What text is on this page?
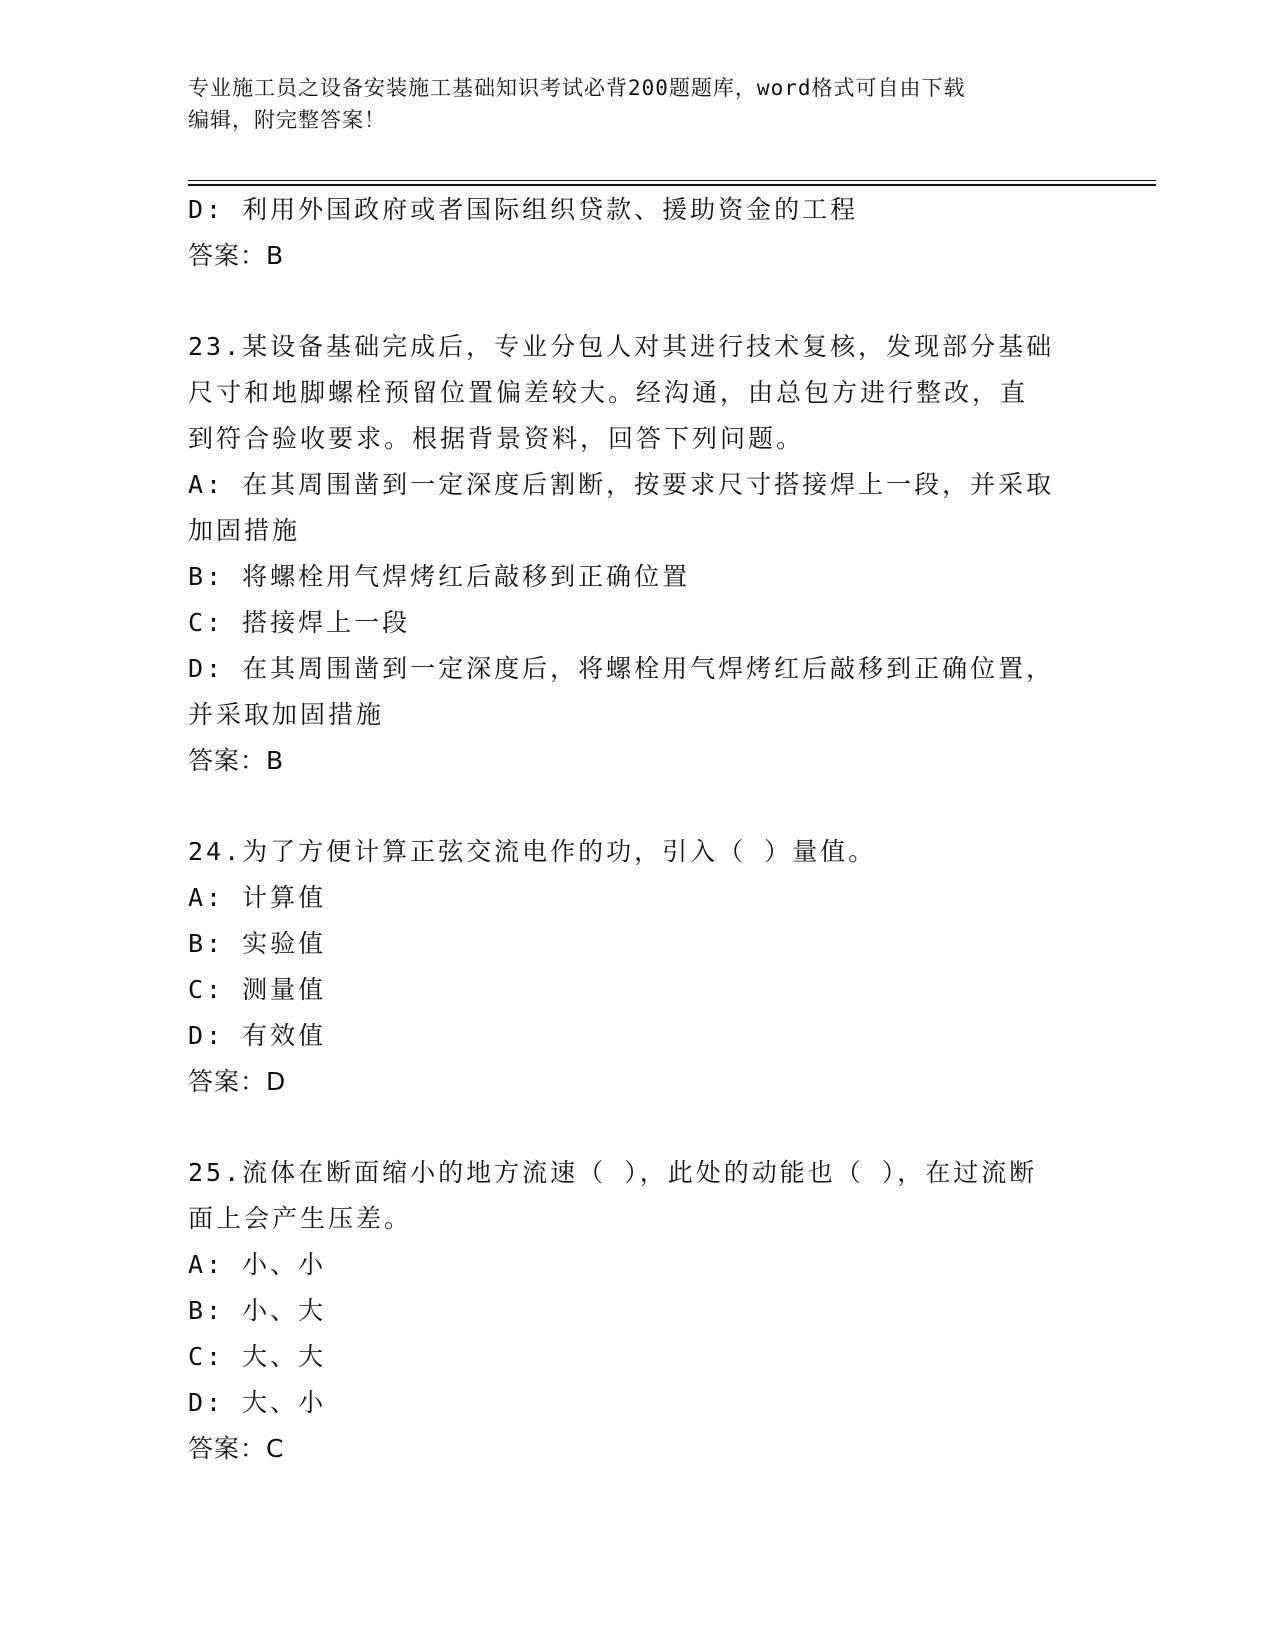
专业施工员之设备安装施工基础知识考试必背200题题库，word格式可自由下载
编辑，附完整答案！
D: 利用外国政府或者国际组织贷款、援助资金的工程
答案：B
23.某设备基础完成后，专业分包人对其进行技术复核，发现部分基础
尺寸和地脚螺栓预留位置偏差较大。经沟通，由总包方进行整改，直
到符合验收要求。根据背景资料，回答下列问题。
A: 在其周围凿到一定深度后割断，按要求尺寸搭接焊上一段，并采取
加固措施
B: 将螺栓用气焊烤红后敲移到正确位置
C: 搭接焊上一段
D: 在其周围凿到一定深度后，将螺栓用气焊烤红后敲移到正确位置，
并采取加固措施
答案：B
24.为了方便计算正弦交流电作的功，引入（ ）量值。
A: 计算值
B: 实验值
C: 测量值
D: 有效值
答案：D
25.流体在断面缩小的地方流速（ ），此处的动能也（ ），在过流断
面上会产生压差。
A: 小、小
B: 小、大
C: 大、大
D: 大、小
答案：C
